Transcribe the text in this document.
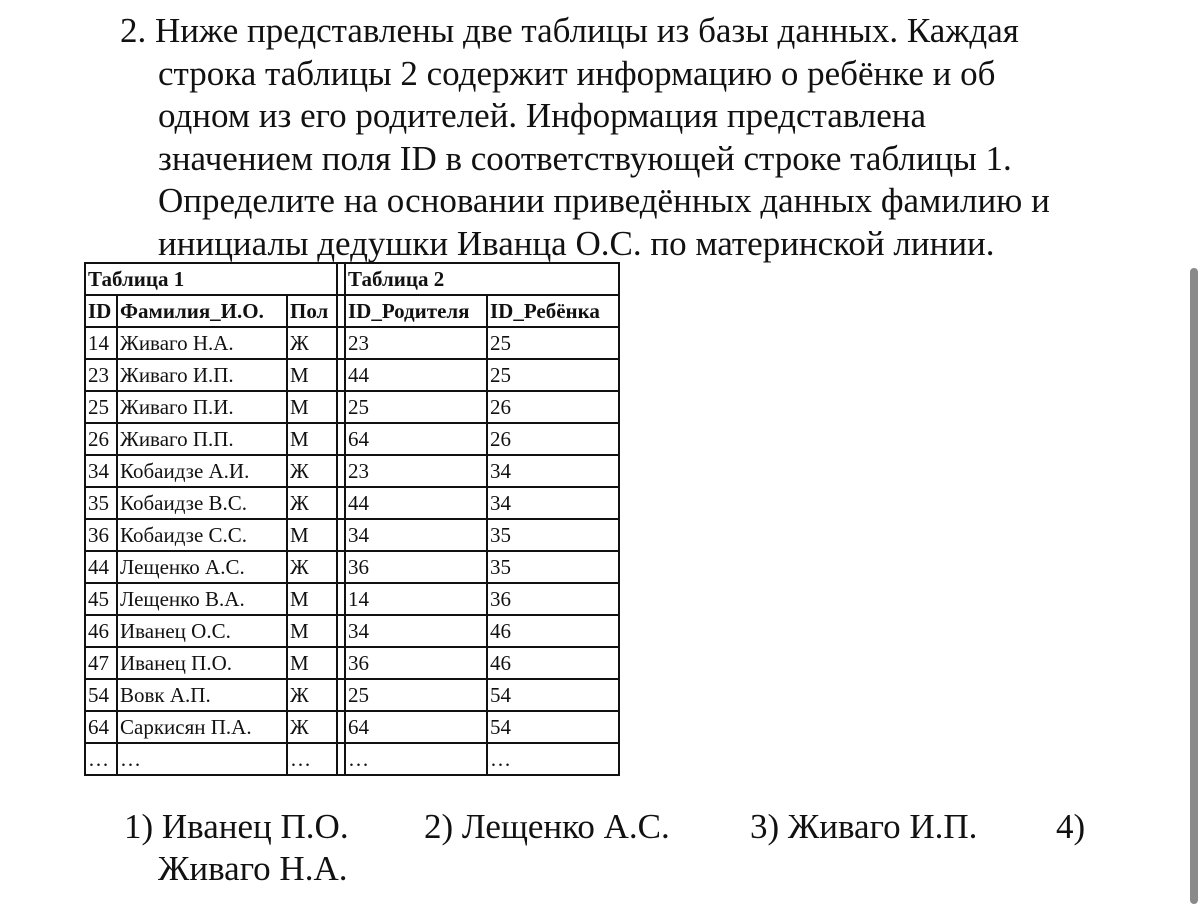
2. Ниже представлены две таблицы из базы данных. Каждая
строка таблицы 2 содержит информацию о ребёнке и об
одном из его родителей. Информация представлена
значением поля ID в соответствующей строке таблицы 1.
Определите на основании приведённых данных фамилию и
инициалы дедушки Иванца О.С. по материнской линии.
Таблица 1				Таблица 2	
ID	Фамилия_И.О.	Пол		ID_Родителя	ID_Ребёнка
14	Живаго Н.А.	Ж		23	25
23	Живаго И.П.	М		44	25
25	Живаго П.И.	М		25	26
26	Живаго П.П.	М		64	26
34	Кобаидзе А.И.	Ж		23	34
35	Кобаидзе В.С.	Ж		44	34
36	Кобаидзе С.С.	М		34	35
44	Лещенко А.С.	Ж		36	35
45	Лещенко В.А.	М		14	36
46	Иванец О.С.	М		34	46
47	Иванец П.О.	М		36	46
54	Вовк А.П.	Ж		25	54
64	Саркисян П.А.	Ж		64	54
…	…	…		…	…
1) Иванец П.О. 2) Лещенко А.С. 3) Живаго И.П. 4)
Живаго Н.А.
